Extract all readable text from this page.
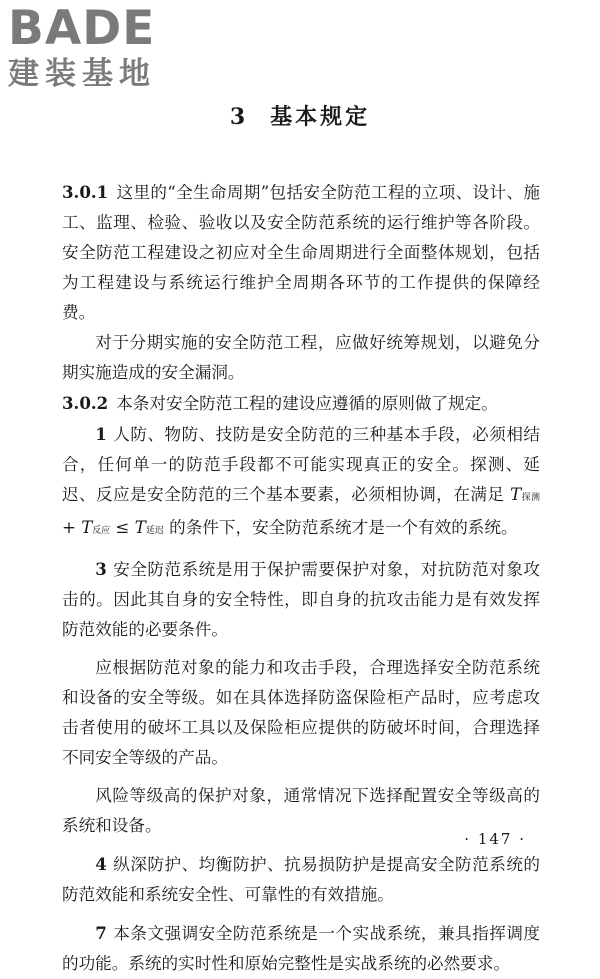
BADE
建装基地
3 基本规定

3.0.1 这里的“全生命周期”包括安全防范工程的立项、设计、施工、监理、检验、验收以及安全防范系统的运行维护等各阶段。安全防范工程建设之初应对全生命周期进行全面整体规划，包括为工程建设与系统运行维护全周期各环节的工作提供的保障经费。

对于分期实施的安全防范工程，应做好统筹规划，以避免分期实施造成的安全漏洞。

3.0.2 本条对安全防范工程的建设应遵循的原则做了规定。

1 人防、物防、技防是安全防范的三种基本手段，必须相结合，任何单一的防范手段都不可能实现真正的安全。探测、延迟、反应是安全防范的三个基本要素，必须相协调，在满足 T探测 + T反应 ≤ T延迟 的条件下，安全防范系统才是一个有效的系统。

3 安全防范系统是用于保护需要保护对象，对抗防范对象攻击的。因此其自身的安全特性，即自身的抗攻击能力是有效发挥防范效能的必要条件。

应根据防范对象的能力和攻击手段，合理选择安全防范系统和设备的安全等级。如在具体选择防盗保险柜产品时，应考虑攻击者使用的破坏工具以及保险柜应提供的防破坏时间，合理选择不同安全等级的产品。

风险等级高的保护对象，通常情况下选择配置安全等级高的系统和设备。

4 纵深防护、均衡防护、抗易损防护是提高安全防范系统的防范效能和系统安全性、可靠性的有效措施。

7 本条文强调安全防范系统是一个实战系统，兼具指挥调度的功能。系统的实时性和原始完整性是实战系统的必然要求。

· 147 ·
